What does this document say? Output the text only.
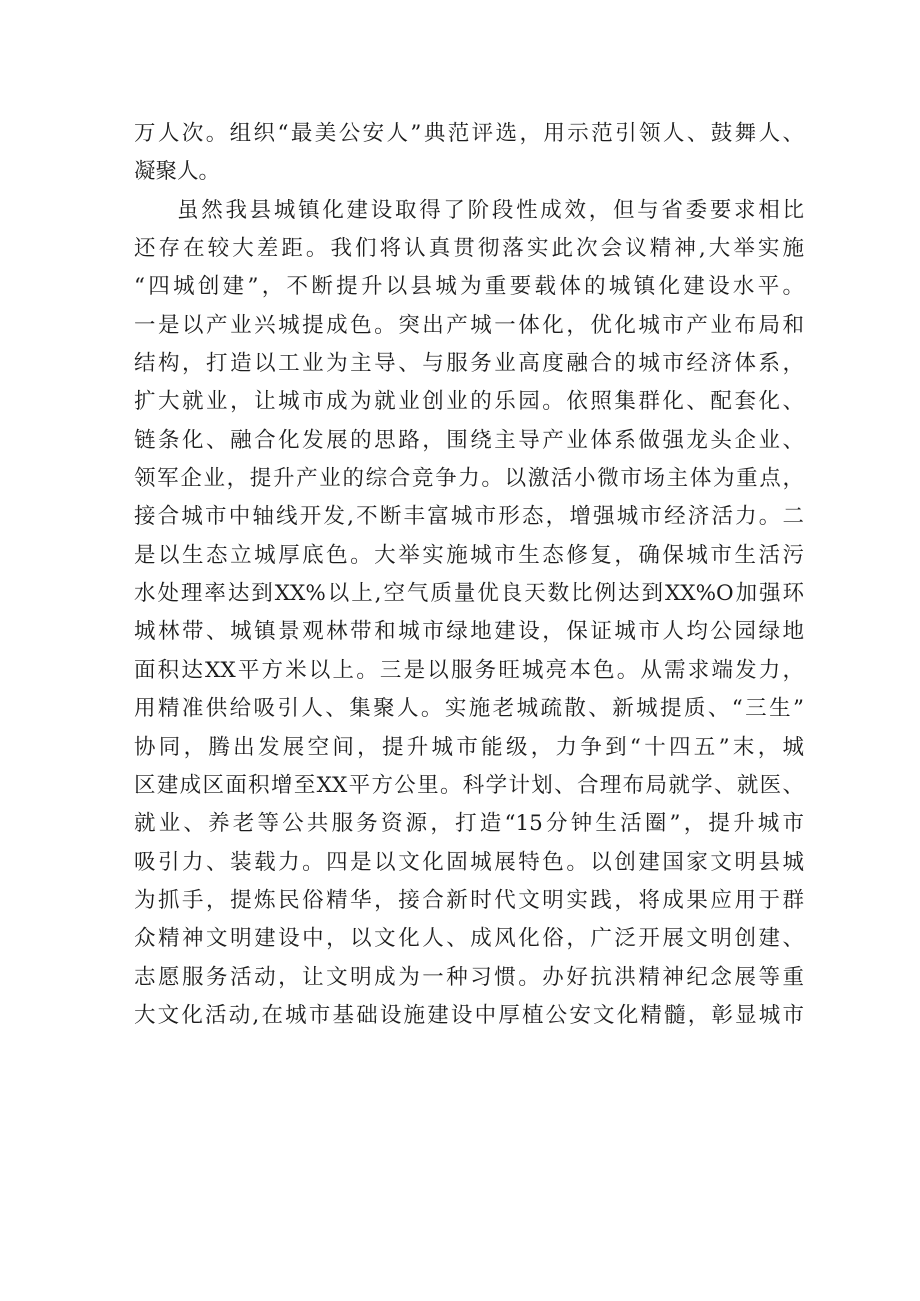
万人次。组织“最美公安人”典范评选，用示范引领人、鼓舞人、
凝聚人。
虽然我县城镇化建设取得了阶段性成效，但与省委要求相比
还存在较大差距。我们将认真贯彻落实此次会议精神,大举实施
“四城创建”，不断提升以县城为重要载体的城镇化建设水平。
一是以产业兴城提成色。突出产城一体化，优化城市产业布局和
结构，打造以工业为主导、与服务业高度融合的城市经济体系，
扩大就业，让城市成为就业创业的乐园。依照集群化、配套化、
链条化、融合化发展的思路，围绕主导产业体系做强龙头企业、
领军企业，提升产业的综合竞争力。以激活小微市场主体为重点，
接合城市中轴线开发,不断丰富城市形态，增强城市经济活力。二
是以生态立城厚底色。大举实施城市生态修复，确保城市生活污
水处理率达到XX%以上,空气质量优良天数比例达到XX%O加强环
城林带、城镇景观林带和城市绿地建设，保证城市人均公园绿地
面积达XX平方米以上。三是以服务旺城亮本色。从需求端发力，
用精准供给吸引人、集聚人。实施老城疏散、新城提质、“三生”
协同，腾出发展空间，提升城市能级，力争到“十四五”末，城
区建成区面积增至XX平方公里。科学计划、合理布局就学、就医、
就业、养老等公共服务资源，打造“15分钟生活圈”，提升城市
吸引力、装载力。四是以文化固城展特色。以创建国家文明县城
为抓手，提炼民俗精华，接合新时代文明实践，将成果应用于群
众精神文明建设中，以文化人、成风化俗，广泛开展文明创建、
志愿服务活动，让文明成为一种习惯。办好抗洪精神纪念展等重
大文化活动,在城市基础设施建设中厚植公安文化精髓，彰显城市
